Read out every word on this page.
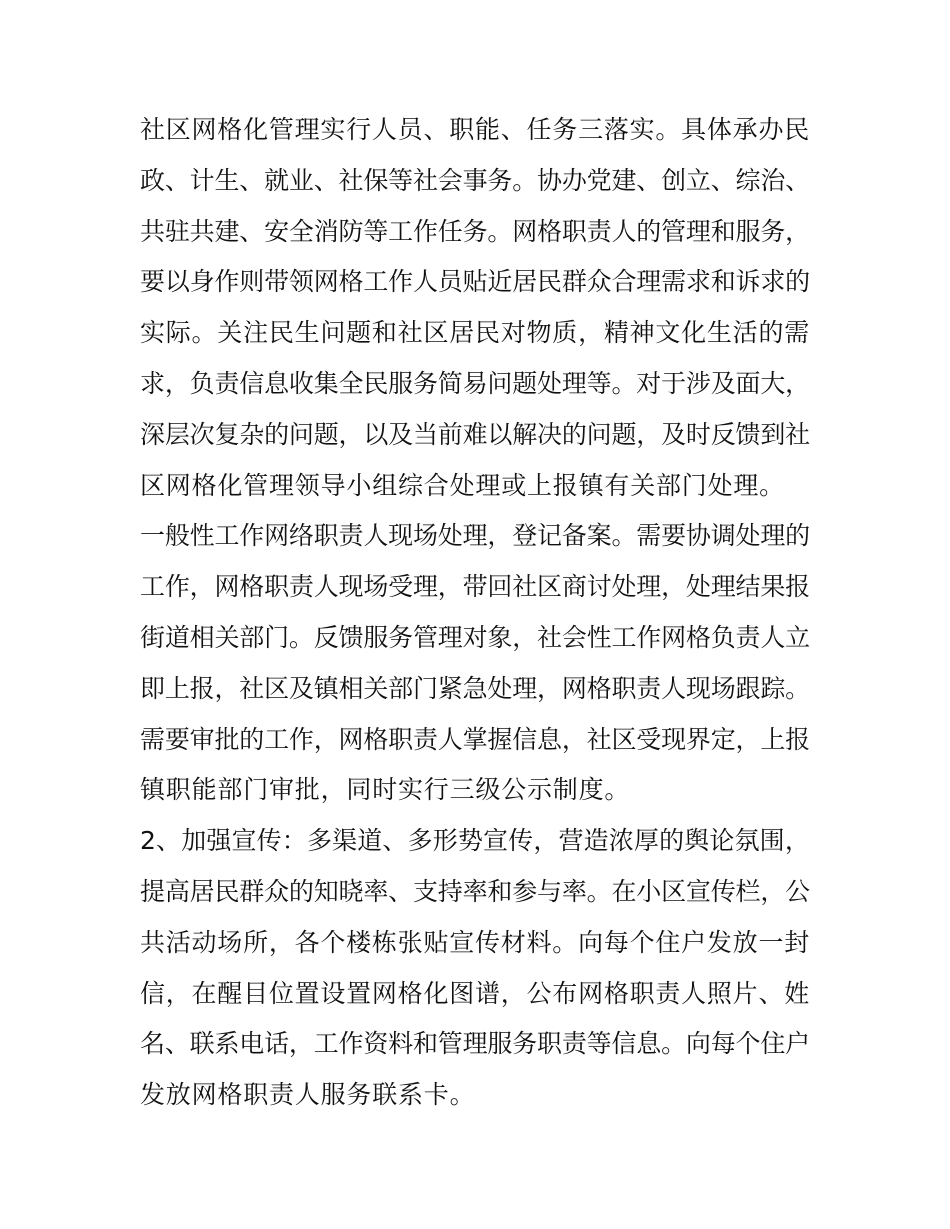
社区网格化管理实行人员、职能、任务三落实。具体承办民
政、计生、就业、社保等社会事务。协办党建、创立、综治、
共驻共建、安全消防等工作任务。网格职责人的管理和服务，
要以身作则带领网格工作人员贴近居民群众合理需求和诉求的
实际。关注民生问题和社区居民对物质，精神文化生活的需
求，负责信息收集全民服务简易问题处理等。对于涉及面大，
深层次复杂的问题，以及当前难以解决的问题，及时反馈到社
区网格化管理领导小组综合处理或上报镇有关部门处理。
一般性工作网络职责人现场处理，登记备案。需要协调处理的
工作，网格职责人现场受理，带回社区商讨处理，处理结果报
街道相关部门。反馈服务管理对象，社会性工作网格负责人立
即上报，社区及镇相关部门紧急处理，网格职责人现场跟踪。
需要审批的工作，网格职责人掌握信息，社区受现界定，上报
镇职能部门审批，同时实行三级公示制度。
2、加强宣传：多渠道、多形势宣传，营造浓厚的舆论氛围，
提高居民群众的知晓率、支持率和参与率。在小区宣传栏，公
共活动场所，各个楼栋张贴宣传材料。向每个住户发放一封
信，在醒目位置设置网格化图谱，公布网格职责人照片、姓
名、联系电话，工作资料和管理服务职责等信息。向每个住户
发放网格职责人服务联系卡。
